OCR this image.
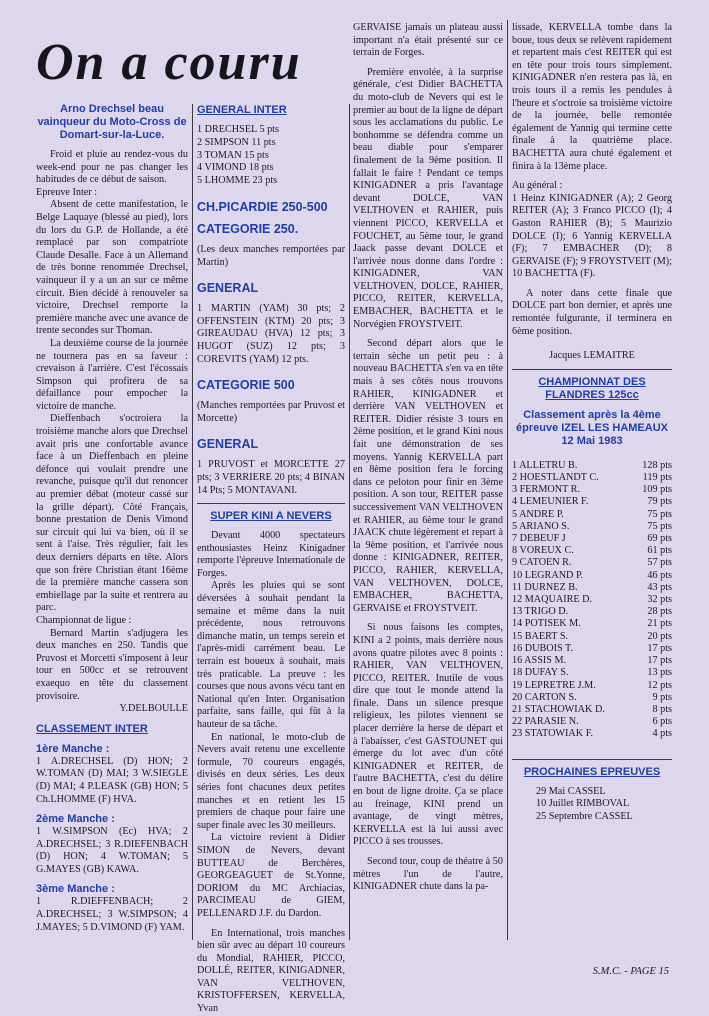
On a couru
Arno Drechsel beau vainqueur du Moto-Cross de Domart-sur-la-Luce.

Froid et pluie au rendez-vous du week-end pour ne pas changer les habitudes de ce début de saison.

Epreuve Inter :

Absent de cette manifestation, le Belge Laquaye (blessé au pied), lors du lors du G.P. de Hollande, a été remplacé par son compatriote Claude Desalle. Face à un Allemand de très bonne renommée Drechsel, vainqueur il y a un an sur ce même circuit. Bien décidé à renouveler sa victoire, Drechsel remporte la première manche avec une avance de trente secondes sur Thoman.

La deuxième course de la journée ne tournera pas en sa faveur : crevaison à l'arrière. C'est l'écossais Simpson qui profitera de sa défaillance pour empocher la victoire de manche.

Dieffenbach s'octroiera la troisième manche alors que Drechsel avait pris une confortable avance face à un Dieffenbach en pleine défonce qui voulait prendre une revanche, puisque qu'il dut renoncer au premier débat (moteur cassé sur la grille départ). Côté Français, bonne prestation de Denis Vimond sur circuit qui lui va bien, où il se sent à l'aise. Très régulier, fait les deux derniers départs en tête. Alors que son frère Christian étant 16ème de la première manche cassera son embiellage par la suite et rentrera au parc.

Championnat de ligue :

Bernard Martin s'adjugera les deux manches en 250. Tandis que Pruvost et Morcetti s'imposent à leur tour en 500cc et se retrouvent exaequo en tête du classement provisoire.

Y.DELBOULLE
CLASSEMENT INTER
1ère Manche :

1 A.DRECHSEL (D) HON; 2 W.TOMAN (D) MAI; 3 W.SIEGLE (D) MAI; 4 P.LEASK (GB) HON; 5 Ch.LHOMME (F) HVA.

2ème Manche :

1 W.SIMPSON (Ec) HVA; 2 A.DRECHSEL; 3 R.DIEFENBACH (D) HON; 4 W.TOMAN; 5 G.MAYES (GB) KAWA.

3ème Manche :

1 R.DIEFFENBACH; 2 A.DRECHSEL; 3 W.SIMPSON; 4 J.MAYES; 5 D.VIMOND (F) YAM.

GENERAL INTER
1 DRECHSEL 5 pts
2 SIMPSON 11 pts
3 TOMAN 15 pts
4 VIMOND 18 pts
5 LHOMME 23 pts
CH.PICARDIE 250-500
CATEGORIE 250.

(Les deux manches remportées par Martin)

GENERAL

1 MARTIN (YAM) 30 pts; 2 OFFENSTEIN (KTM) 20 pts; 3 GIREAUDAU (HVA) 12 pts; 3 HUGOT (SUZ) 12 pts; 3 COREVITS (YAM) 12 pts.

CATEGORIE 500

(Manches remportées par Pruvost et Morcette)

GENERAL

1 PRUVOST et MORCETTE 27 pts; 3 VERRIERE 20 pts; 4 BINAN 14 Pts; 5 MONTAVANI.

SUPER KINI A NEVERS

Devant 4000 spectateurs enthousiastes Heinz Kinigadner remporte l'épreuve Internationale de Forges.

Après les pluies qui se sont déversées à souhait pendant la semaine et même dans la nuit précédente, nous retrouvons dimanche matin, un temps serein et l'après-midi carrément beau. Le terrain est boueux à souhait, mais très praticable. La preuve : les courses que nous avons vécu tant en National qu'en Inter. Organisation parfaite, sans faille, qui fût à la hauteur de sa tâche.

En national, le moto-club de Nevers avait retenu une excellente formule, 70 coureurs engagés, divisés en deux séries. Les deux séries font chacunes deux petites manches et en retient les 15 premiers de chaque pour faire une super finale avec les 30 meilleurs.

La victoire revient à Didier SIMON de Nevers, devant BUTTEAU de Berchères, GEORGEAGUET de St.Yonne, DORIOM du MC Archiacias, PARCIMEAU de GIEM, PELLENARD J.F. du Dardon.

En International, trois manches bien sûr avec au départ 10 coureurs du Mondial, RAHIER, PICCO, DOLLÉ, REITER, KINIGADNER, VAN VELTHOVEN, KRISTOFFERSEN, KERVELLA, Yvan

GERVAISE jamais un plateau aussi important n'a était présenté sur ce terrain de Forges.

Première envolée, à la surprise générale, c'est Didier BACHETTA du moto-club de Nevers qui est le premier au bout de la ligne de départ sous les acclamations du public. Le bonhomme se défendra comme un beau diable pour s'emparer finalement de la 9ème position. Il fallait le faire ! Pendant ce temps KINIGADNER a pris l'avantage devant DOLCE, VAN VELTHOVEN et RAHIER, puis viennent PICCO, KERVELLA et FOUCHET, au 5ème tour, le grand Jaack passe devant DOLCE et l'arrivée nous donne dans l'ordre : KINIGADNER, VAN VELTHOVEN, DOLCE, RAHIER, PICCO, REITER, KERVELLA, EMBACHER, BACHETTA et le Norvégien FROYSTVEIT.

Second départ alors que le terrain sèche un petit peu : à nouveau BACHETTA s'en va en tête mais à ses côtés nous trouvons RAHIER, KINIGADNER et derrière VAN VELTHOVEN et REITER. Didier résiste 3 tours en 2ème position, et le grand Kini nous fait une démonstration de ses moyens. Yannig KERVELLA part en 8ème position fera le forcing dans ce peloton pour finir en 3ème position. A son tour, REITER passe successivement VAN VELTHOVEN et RAHIER, au 6ème tour le grand JAACK chute légèrement et repart à la 9ème position, et l'arrivée nous donne : KINIGADNER, REITER, PICCO, RAHIER, KERVELLA, VAN VELTHOVEN, DOLCE, EMBACHER, BACHETTA, GERVAISE et FROYSTVEIT.

Si nous faisons les comptes, KINI a 2 points, mais derrière nous avons quatre pilotes avec 8 points : RAHIER, VAN VELTHOVEN, PICCO, REITER. Inutile de vous dire que tout le monde attend la finale. Dans un silence presque religieux, les pilotes viennent se placer derrière la herse de départ et à l'abaisser, c'est GASTOUNET qui émerge du lot avec d'un côté KINIGADNER et REITER, de l'autre BACHETTA, c'est du délire en bout de ligne droite. Ça se place au freinage, KINI prend un avantage, de vingt mètres, KERVELLA est là lui aussi avec PICCO à ses trousses.

Second tour, coup de théatre à 50 mètres l'un de l'autre, KINIGADNER chute dans la pa-

lissade, KERVELLA tombe dans la boue, tous deux se relèvent rapidement et repartent mais c'est REITER qui est en tête pour trois tours simplement. KINIGADNER n'en restera pas là, en trois tours il a remis les pendules à l'heure et s'octroie sa troisième victoire de la journée, belle remontée également de Yannig qui termine cette finale à la quatrième place. BACHETTA aura chuté également et finira à la 13ème place.

Au général :

1 Heinz KINIGADNER (A); 2 Georg REITER (A); 3 Franco PICCO (I); 4 Gaston RAHIER (B); 5 Maurizio DOLCE (I); 6 Yannig KERVELLA (F); 7 EMBACHER (D); 8 GERVAISE (F); 9 FROYSTVEIT (M); 10 BACHETTA (F).

A noter dans cette finale que DOLCE part bon dernier, et après une remontée fulgurante, il terminera en 6ème position.

Jacques LEMAITRE
CHAMPIONNAT DES FLANDRES 125cc
Classement après la 4ème épreuve IZEL LES HAMEAUX 12 Mai 1983
1 ALLETRU B.	128 pts
2 HOESTLANDT C.	119 pts
3 FERMONT R.	109 pts
4 LEMEUNIER F.	79 pts
5 ANDRE P.	75 pts
5 ARIANO S.	75 pts
7 DEBEUF J	69 pts
8 VOREUX C.	61 pts
9 CATOEN R.	57 pts
10 LEGRAND P.	46 pts
11 DURNEZ B.	43 pts
12 MAQUAIRE D.	32 pts
13 TRIGO D.	28 pts
14 POTISEK M.	21 pts
15 BAERT S.	20 pts
16 DUBOIS T.	17 pts
16 ASSIS M.	17 pts
18 DUFAY S.	13 pts
19 LEPRETRE J.M.	12 pts
20 CARTON S.	9 pts
21 STACHOWIAK D.	8 pts
22 PARASIE N.	6 pts
23 STATOWIAK F.	4 pts
PROCHAINES EPREUVES
29 Mai CASSEL
10 Juillet RIMBOVAL
25 Septembre CASSEL
S.M.C. - PAGE 15
